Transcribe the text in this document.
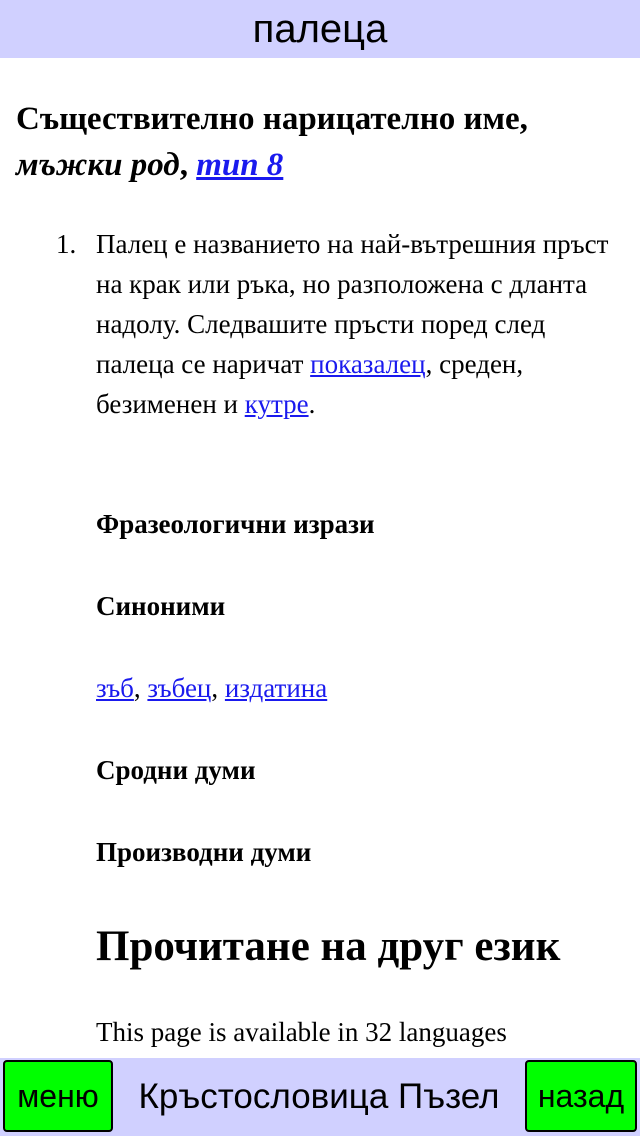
палеца
Съществително нарицателно име,
мъжки род, тип 8
1. Палец е названието на най-вътрешния пръст на крак или ръка, но разположена с дланта надолу. Следвашите пръсти поред след палеца се наричат показалец, среден, безименен и кутре.
Фразеологични изрази
Синоними
зъб, зъбец, издатина
Сродни думи
Производни думи
Прочитане на друг език
This page is available in 32 languages
меню	Кръстословица Пъзел	назад
